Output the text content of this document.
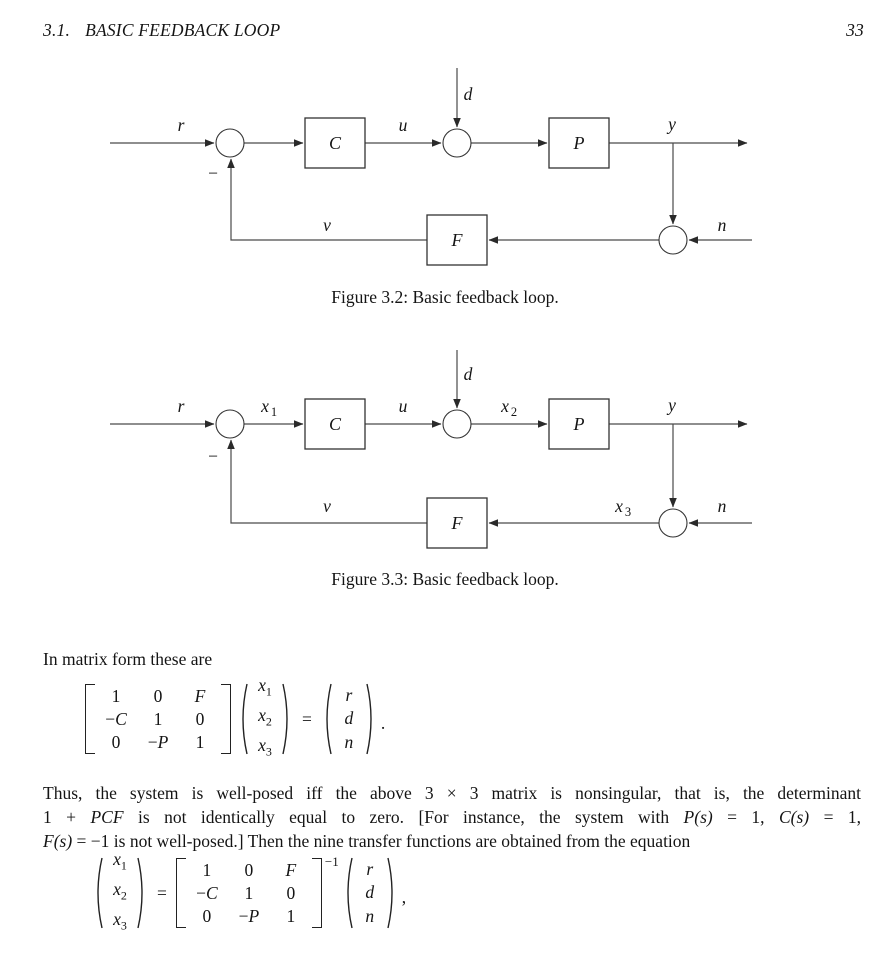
3.1. BASIC FEEDBACK LOOP	33
r	u
d
y
n
v
−
C	P
F
Figure 3.2: Basic feedback loop.
r	x 1	u
d
x 2	y
x 3	n
v
−
C	P
F
Figure 3.3: Basic feedback loop.
In matrix form these are
1	0	F
−C	1	0
0	−P	1
$x_1$
$x_2$
$x_3$
=
r
d
n
.
Thus, the system is well-posed iff the above 3 × 3 matrix is nonsingular, that is, the determinant
1 + PCF is not identically equal to zero. [For instance, the system with P(s) = 1, C(s) = 1,
F(s) = −1 is not well-posed.] Then the nine transfer functions are obtained from the equation
$x_1$
$x_2$
$x_3$
=
1	0	F
−C	1	0
0	−P	1
−1	r
d
n
,
